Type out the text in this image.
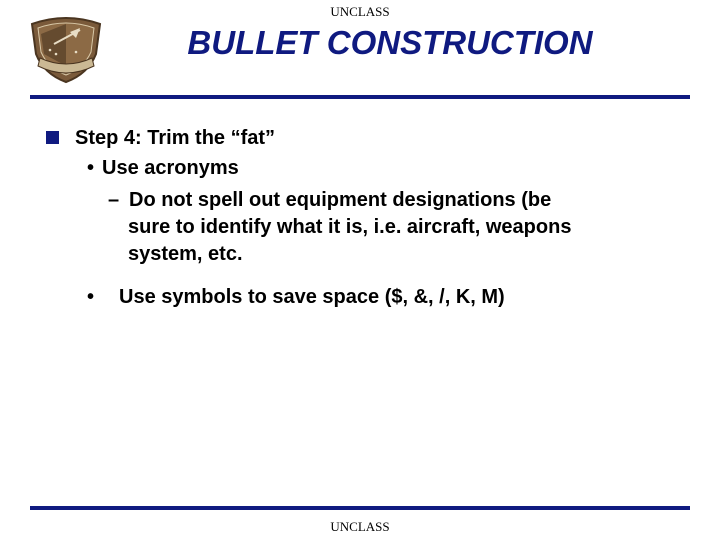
UNCLASS
BULLET CONSTRUCTION
Step 4: Trim the “fat”
• Use acronyms
– Do not spell out equipment designations (be
sure to identify what it is, i.e. aircraft, weapons
system, etc.
• Use symbols to save space ($, &, /, K, M)
UNCLASS
